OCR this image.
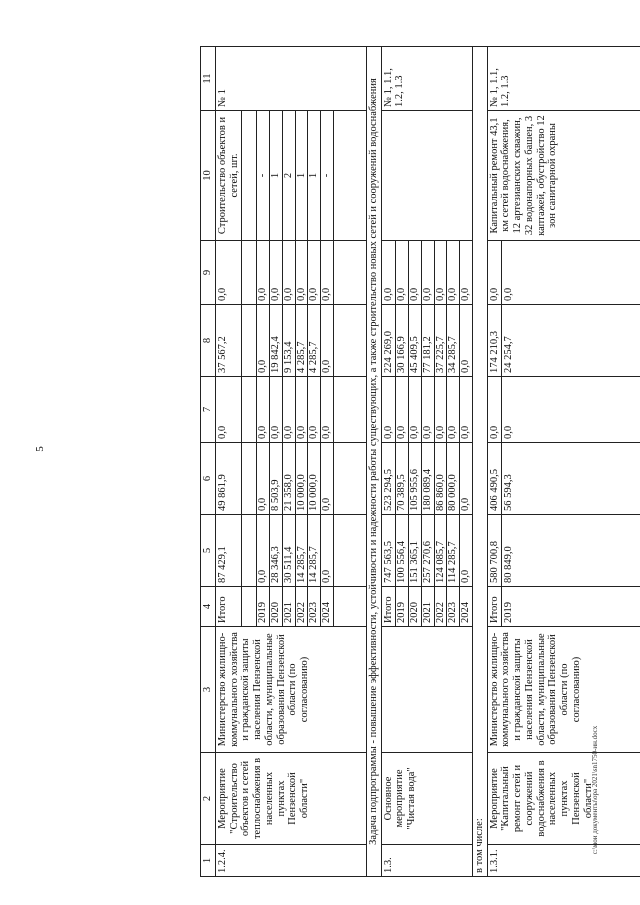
5
c:\мои документы\ора 2021\sn1750-ин.docx
1	2	3	4	5	6	7	8	9	10	11
1.2.4.	Мероприятие "Строительство объектов и сетей теплоснабжения в населенных пунктах Пензенской области"	Министерство жилищно-коммунального хозяйства и гражданской защиты населения Пензенской области, муниципальные образования Пензенской области (по согласованию)	Итого	87 429,1	49 861,9	0,0	37 567,2	0,0	Строительство объектов и сетей, шт.	№ 1

			2019	0,0	0,0	0,0	0,0	0,0	-	
			2020	28 346,3	8 503,9	0,0	19 842,4	0,0	1	
			2021	30 511,4	21 358,0	0,0	9 153,4	0,0	2	
			2022	14 285,7	10 000,0	0,0	4 285,7	0,0	1	
			2023	14 285,7	10 000,0	0,0	4 285,7	0,0	1	
			2024	0,0	0,0	0,0	0,0	0,0	-	

Задача подпрограммы - повышение эффективности, устойчивости и надежности работы существующих, а также строительство новых сетей и сооружений водоснабжения										
1.3.	Основное мероприятие "Чистая вода"		Итого	747 563,5	523 294,5	0,0	224 269,0	0,0		№ 1, 1.1, 1.2, 1.3
			2019	100 556,4	70 389,5	0,0	30 166,9	0,0		
			2020	151 365,1	105 955,6	0,0	45 409,5	0,0		
			2021	257 270,6	180 089,4	0,0	77 181,2	0,0		
			2022	124 085,7	86 860,0	0,0	37 225,7	0,0		
			2023	114 285,7	80 000,0	0,0	34 285,7	0,0		
			2024	0,0	0,0	0,0	0,0	0,0		
в том числе:										
1.3.1.	Мероприятие "Капитальный ремонт сетей и сооружений водоснабжения в населенных пунктах Пензенской области"	Министерство жилищно-коммунального хозяйства и гражданской защиты населения Пензенской области, муниципальные образования Пензенской области (по согласованию)	Итого	580 700,8	406 490,5	0,0	174 210,3	0,0	Капитальный ремонт 43,1 км сетей водоснабжения, 12 артезианских скважин, 32 водонапорных башен, 3 каптажей, обустройство 12 зон санитарной охраны	№ 1, 1.1, 1.2, 1.3
			2019	80 849,0	56 594,3	0,0	24 254,7	0,0		
